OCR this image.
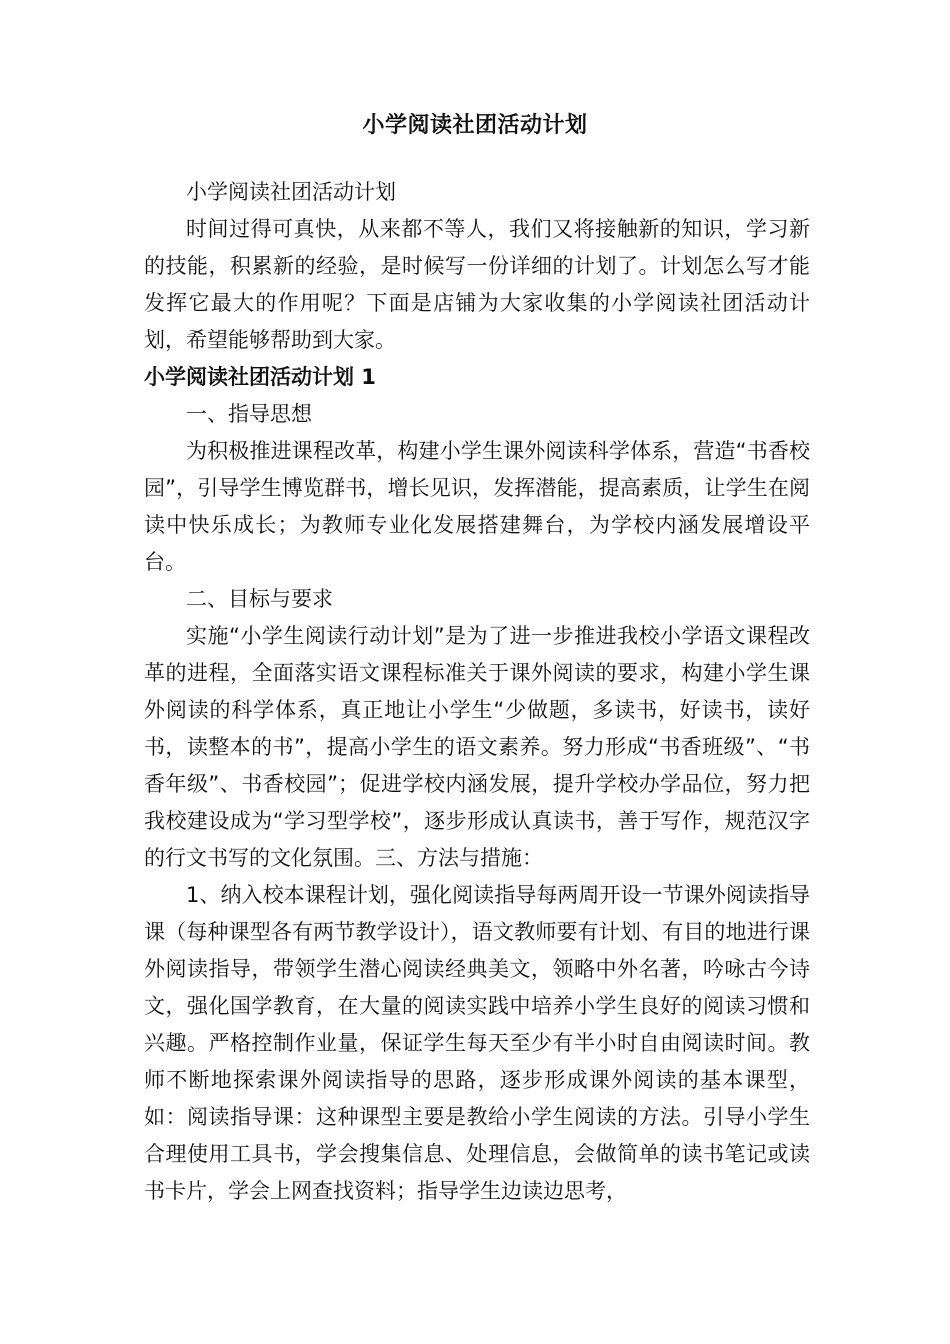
小学阅读社团活动计划

小学阅读社团活动计划

时间过得可真快，从来都不等人，我们又将接触新的知识，学习新的技能，积累新的经验，是时候写一份详细的计划了。计划怎么写才能发挥它最大的作用呢？下面是店铺为大家收集的小学阅读社团活动计划，希望能够帮助到大家。

小学阅读社团活动计划 1

一、指导思想

为积极推进课程改革，构建小学生课外阅读科学体系，营造“书香校园”，引导学生博览群书，增长见识，发挥潜能，提高素质，让学生在阅读中快乐成长；为教师专业化发展搭建舞台，为学校内涵发展增设平台。

二、目标与要求

实施“小学生阅读行动计划”是为了进一步推进我校小学语文课程改革的进程，全面落实语文课程标准关于课外阅读的要求，构建小学生课外阅读的科学体系，真正地让小学生“少做题，多读书，好读书，读好书，读整本的书”，提高小学生的语文素养。努力形成“书香班级”、“书香年级”、书香校园”；促进学校内涵发展，提升学校办学品位，努力把我校建设成为“学习型学校”，逐步形成认真读书，善于写作，规范汉字的行文书写的文化氛围。三、方法与措施：

1、纳入校本课程计划，强化阅读指导每两周开设一节课外阅读指导课（每种课型各有两节教学设计），语文教师要有计划、有目的地进行课外阅读指导，带领学生潜心阅读经典美文，领略中外名著，吟咏古今诗文，强化国学教育，在大量的阅读实践中培养小学生良好的阅读习惯和兴趣。严格控制作业量，保证学生每天至少有半小时自由阅读时间。教师不断地探索课外阅读指导的思路，逐步形成课外阅读的基本课型，如：阅读指导课：这种课型主要是教给小学生阅读的方法。引导小学生合理使用工具书，学会搜集信息、处理信息，会做简单的读书笔记或读书卡片，学会上网查找资料；指导学生边读边思考，
